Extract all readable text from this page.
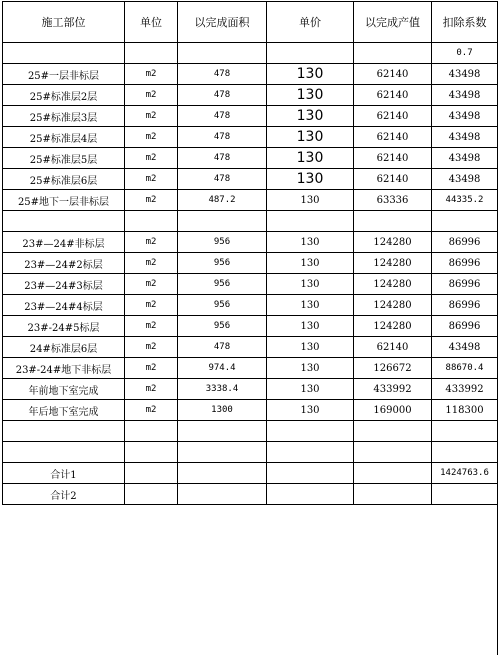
施工部位	单位	以完成面积	单价	以完成产值	扣除系数
					0.7
25#一层非标层	m2	478	130	62140	43498
25#标准层2层	m2	478	130	62140	43498
25#标准层3层	m2	478	130	62140	43498
25#标准层4层	m2	478	130	62140	43498
25#标准层5层	m2	478	130	62140	43498
25#标准层6层	m2	478	130	62140	43498
25#地下一层非标层	m2	487.2	130	63336	44335.2

23#—24#非标层	m2	956	130	124280	86996
23#—24#2标层	m2	956	130	124280	86996
23#—24#3标层	m2	956	130	124280	86996
23#—24#4标层	m2	956	130	124280	86996
23#-24#5标层	m2	956	130	124280	86996
24#标准层6层	m2	478	130	62140	43498
23#-24#地下非标层	m2	974.4	130	126672	88670.4
年前地下室完成	m2	3338.4	130	433992	433992
年后地下室完成	m2	1300	130	169000	118300

合计1					1424763.6
合计2					
